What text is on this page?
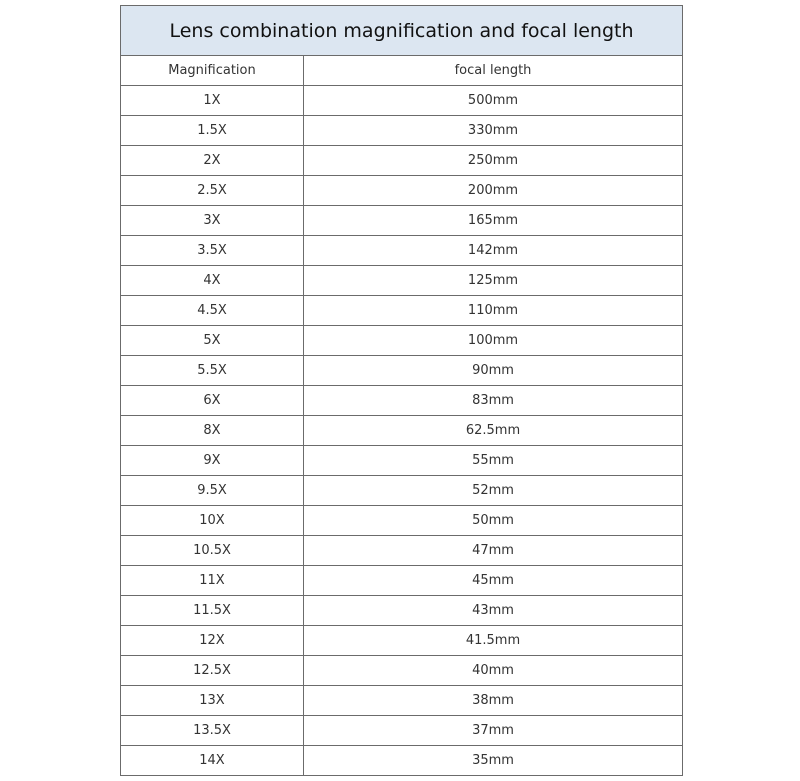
Lens combination magnification and focal length	
Magnification	focal length
1X	500mm
1.5X	330mm
2X	250mm
2.5X	200mm
3X	165mm
3.5X	142mm
4X	125mm
4.5X	110mm
5X	100mm
5.5X	90mm
6X	83mm
8X	62.5mm
9X	55mm
9.5X	52mm
10X	50mm
10.5X	47mm
11X	45mm
11.5X	43mm
12X	41.5mm
12.5X	40mm
13X	38mm
13.5X	37mm
14X	35mm
